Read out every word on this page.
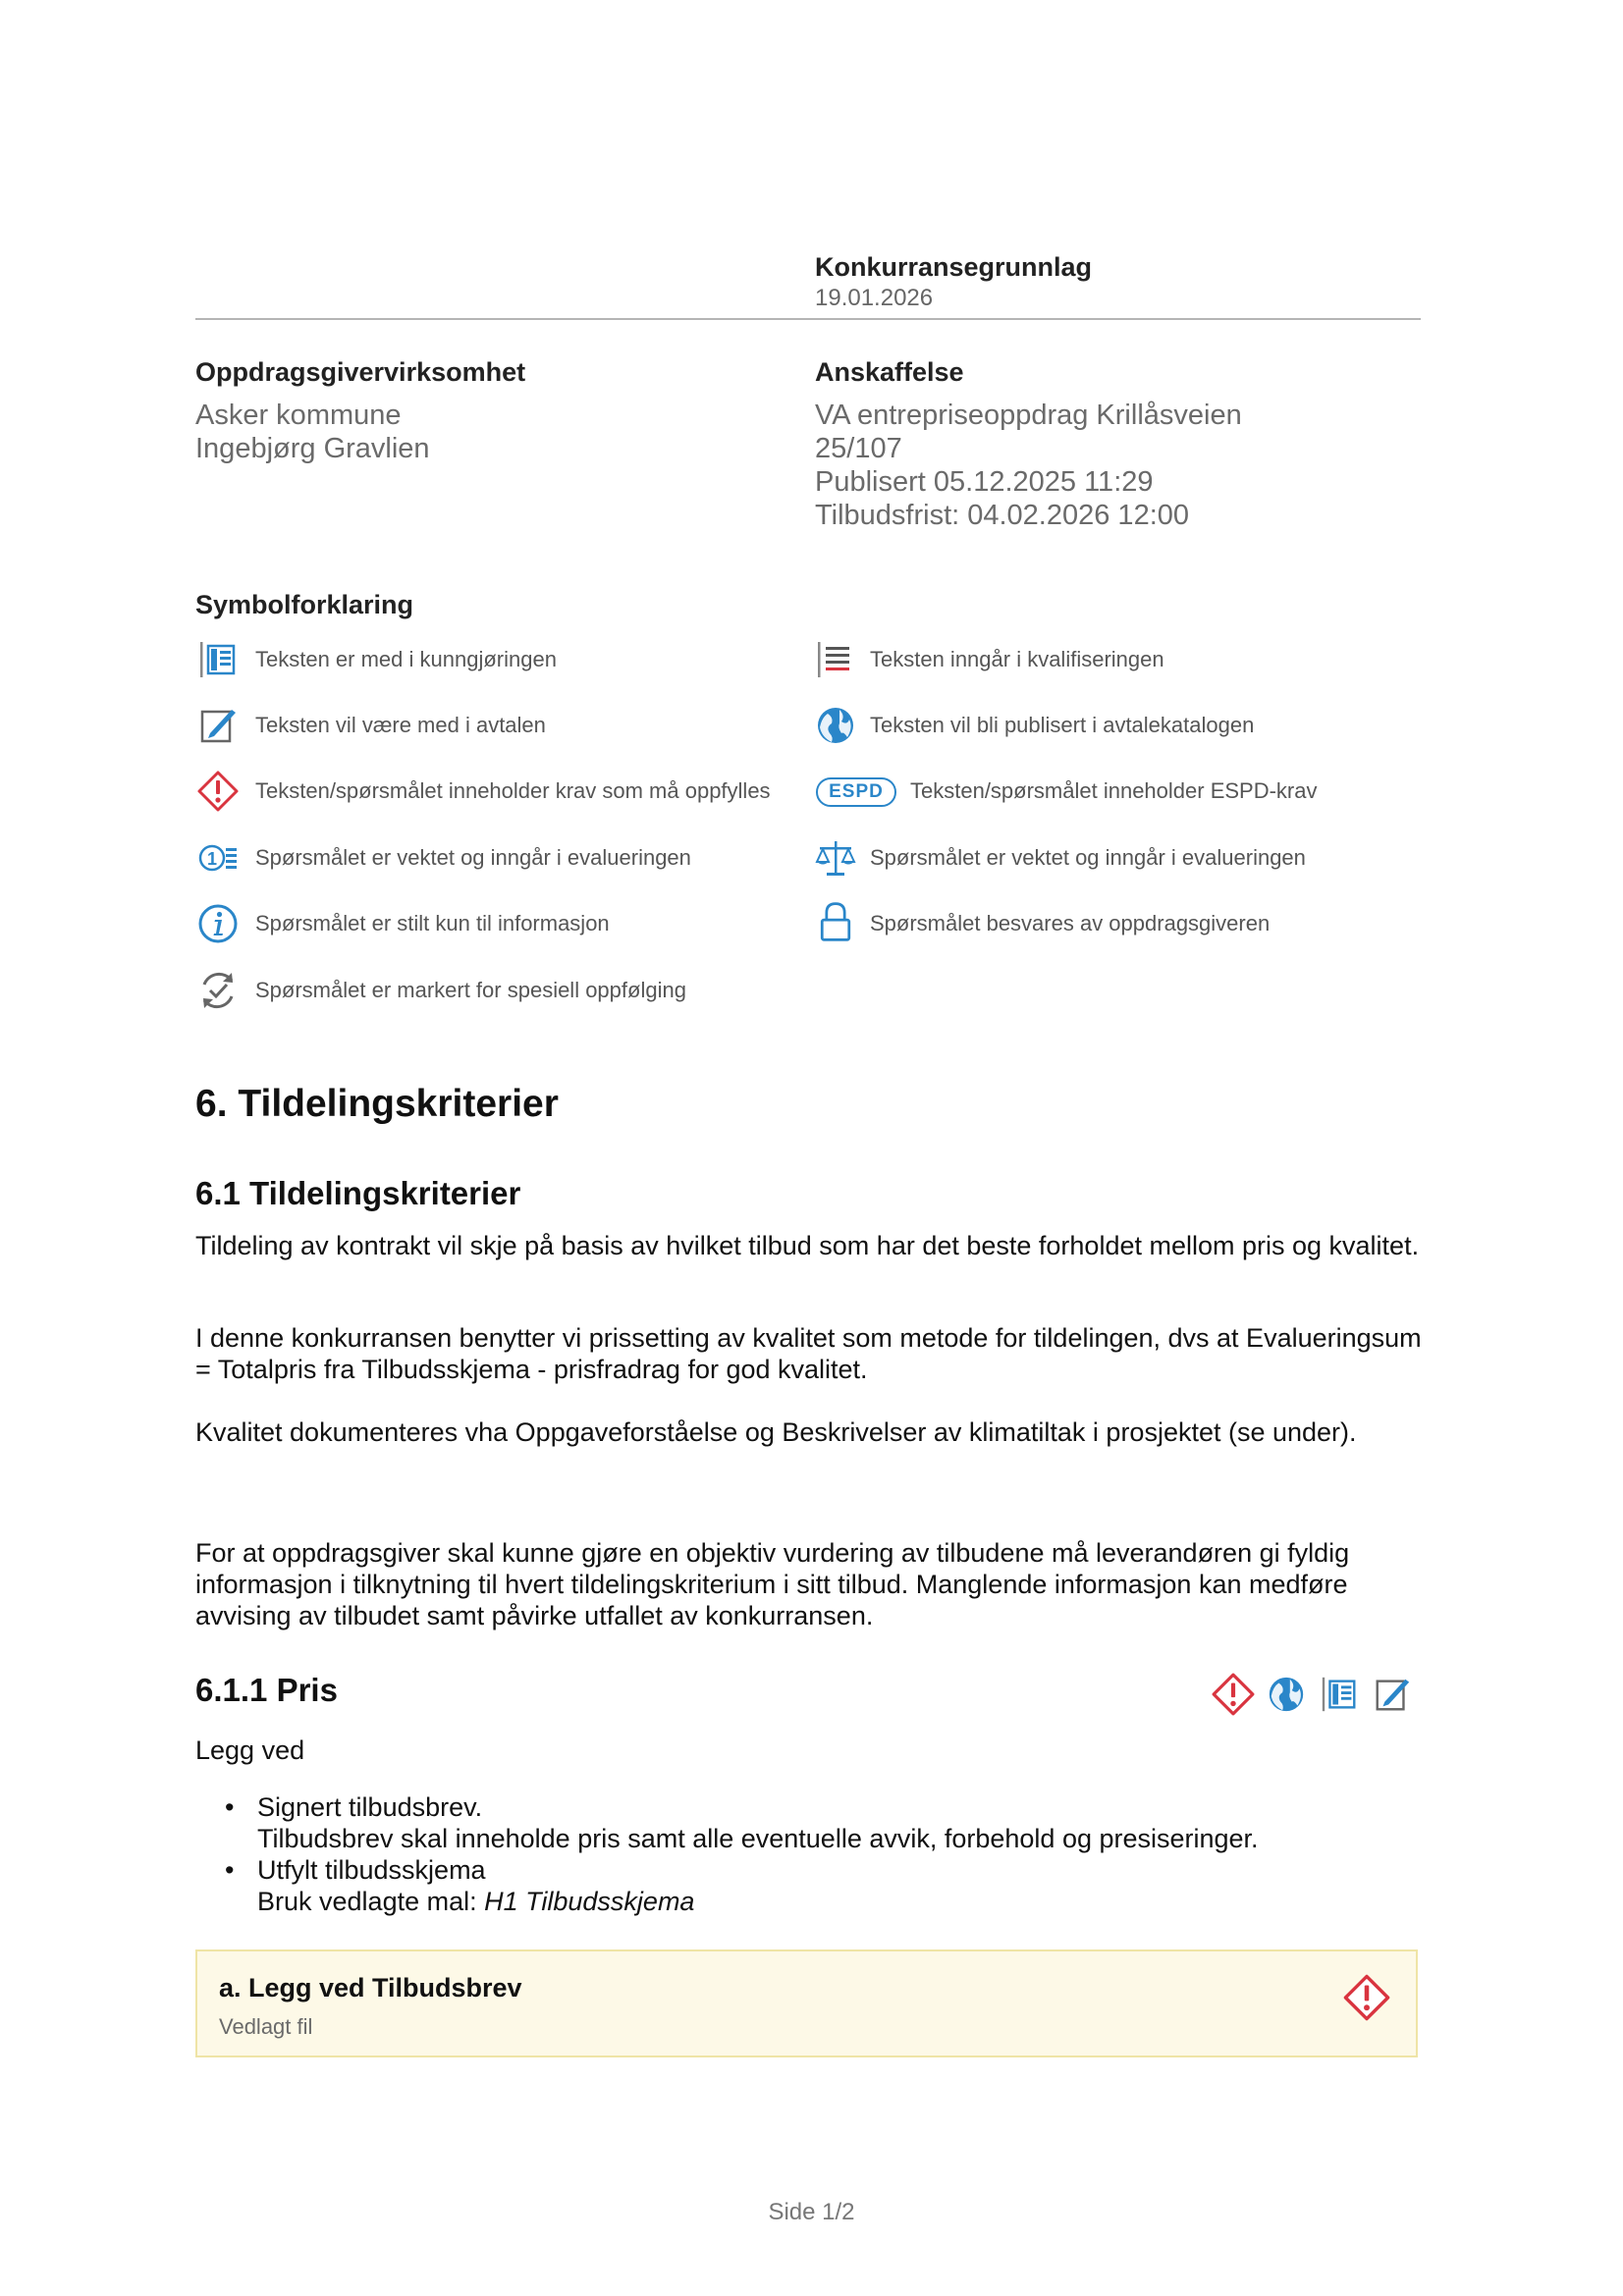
Konkurransegrunnlag
19.01.2026
Oppdragsgivervirksomhet
Asker kommune
Ingebjørg Gravlien
Anskaffelse
VA entrepriseoppdrag Krillåsveien
25/107
Publisert 05.12.2025 11:29
Tilbudsfrist: 04.02.2026 12:00
Symbolforklaring
Teksten er med i kunngjøringen	Teksten inngår i kvalifiseringen
Teksten vil være med i avtalen	Teksten vil bli publisert i avtalekatalogen
Teksten/spørsmålet inneholder krav som må oppfylles	ESPD	Teksten/spørsmålet inneholder ESPD-krav
1 Spørsmålet er vektet og inngår i evalueringen	Spørsmålet er vektet og inngår i evalueringen
Spørsmålet er stilt kun til informasjon	Spørsmålet besvares av oppdragsgiveren
Spørsmålet er markert for spesiell oppfølging
6. Tildelingskriterier
6.1 Tildelingskriterier
Tildeling av kontrakt vil skje på basis av hvilket tilbud som har det beste forholdet mellom pris og kvalitet.
I denne konkurransen benytter vi prissetting av kvalitet som metode for tildelingen, dvs at Evalueringsum = Totalpris fra Tilbudsskjema - prisfradrag for god kvalitet.
Kvalitet dokumenteres vha Oppgaveforståelse og Beskrivelser av klimatiltak i prosjektet (se under).
For at oppdragsgiver skal kunne gjøre en objektiv vurdering av tilbudene må leverandøren gi fyldig informasjon i tilknytning til hvert tildelingskriterium i sitt tilbud. Manglende informasjon kan medføre avvising av tilbudet samt påvirke utfallet av konkurransen.
6.1.1 Pris
Legg ved
• Signert tilbudsbrev.
Tilbudsbrev skal inneholde pris samt alle eventuelle avvik, forbehold og presiseringer.
• Utfylt tilbudsskjema
Bruk vedlagte mal: H1 Tilbudsskjema
a. Legg ved Tilbudsbrev
Vedlagt fil
Side 1/2
